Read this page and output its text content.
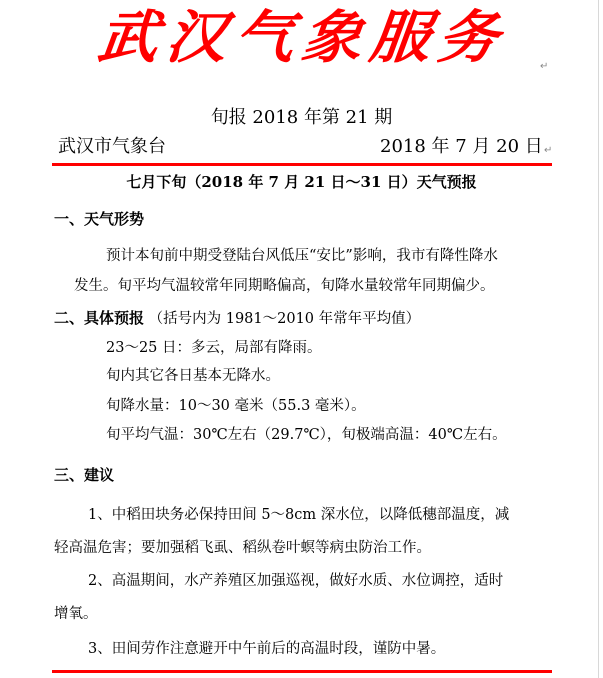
武汉气象服务	↵
旬报 2018 年第 21 期
武汉市气象台	2018 年 7 月 20 日 ↵
七月下旬（2018 年 7 月 21 日～31 日）天气预报
一、天气形势
预计本旬前中期受登陆台风低压“安比”影响，我市有降性降水
发生。旬平均气温较常年同期略偏高，旬降水量较常年同期偏少。
二、具体预报 （括号内为 1981～2010 年常年平均值）
23～25 日：多云，局部有降雨。
旬内其它各日基本无降水。
旬降水量：10～30 毫米（55.3 毫米）。
旬平均气温：30℃左右（29.7℃），旬极端高温：40℃左右。
三、建议
1、中稻田块务必保持田间 5～8cm 深水位，以降低穗部温度，减
轻高温危害；要加强稻飞虱、稻纵卷叶螟等病虫防治工作。
2、高温期间，水产养殖区加强巡视，做好水质、水位调控，适时
增氧。
3、田间劳作注意避开中午前后的高温时段，谨防中暑。
